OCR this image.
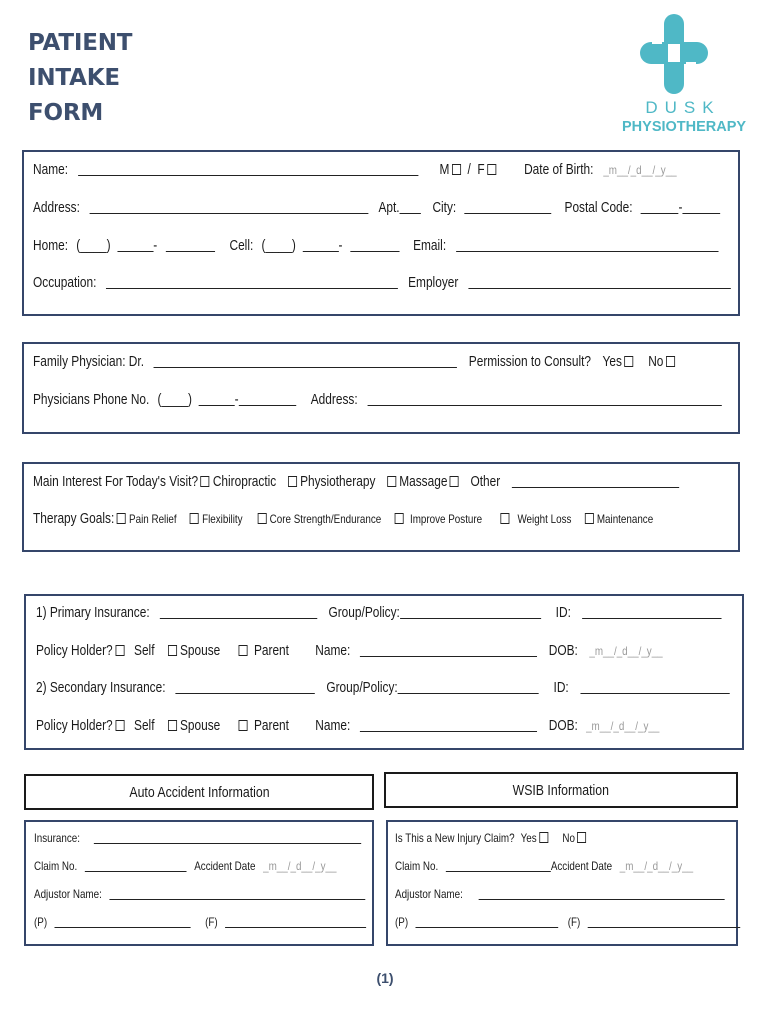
PATIENT
INTAKE
FORM	DUSK
PHYSIOTHERAPY
Name:	M / F	Date of Birth: _m__/_d__/_y__
Address:	Apt. City:	Postal Code:	-
Home: (____)	-	Cell: (____)	-	Email:
Occupation:	Employer
Family Physician: Dr.	Permission to Consult? Yes No
Physicians Phone No. (____)	-	Address:
Main Interest For Today's Visit? Chiropractic Physiotherapy Massage Other
Therapy Goals: Pain Relief Flexibility Core Strength/Endurance Improve Posture	Weight Loss Maintenance
1) Primary Insurance:	Group/Policy:	ID:
Policy Holder? Self Spouse Parent Name:	DOB: _m__/_d__/_y__
2) Secondary Insurance:	Group/Policy:	ID:
Policy Holder? Self Spouse Parent Name:	DOB: _m__/_d__/_y__
Auto Accident Information	WSIB Information
Insurance:
Claim No.	Accident Date _m__/_d__/_y__
Adjustor Name:
(P)	(F)
Is This a New Injury Claim? Yes No
Claim No.	Accident Date _m__/_d__/_y__
Adjustor Name:
(P)	(F)
(1)
